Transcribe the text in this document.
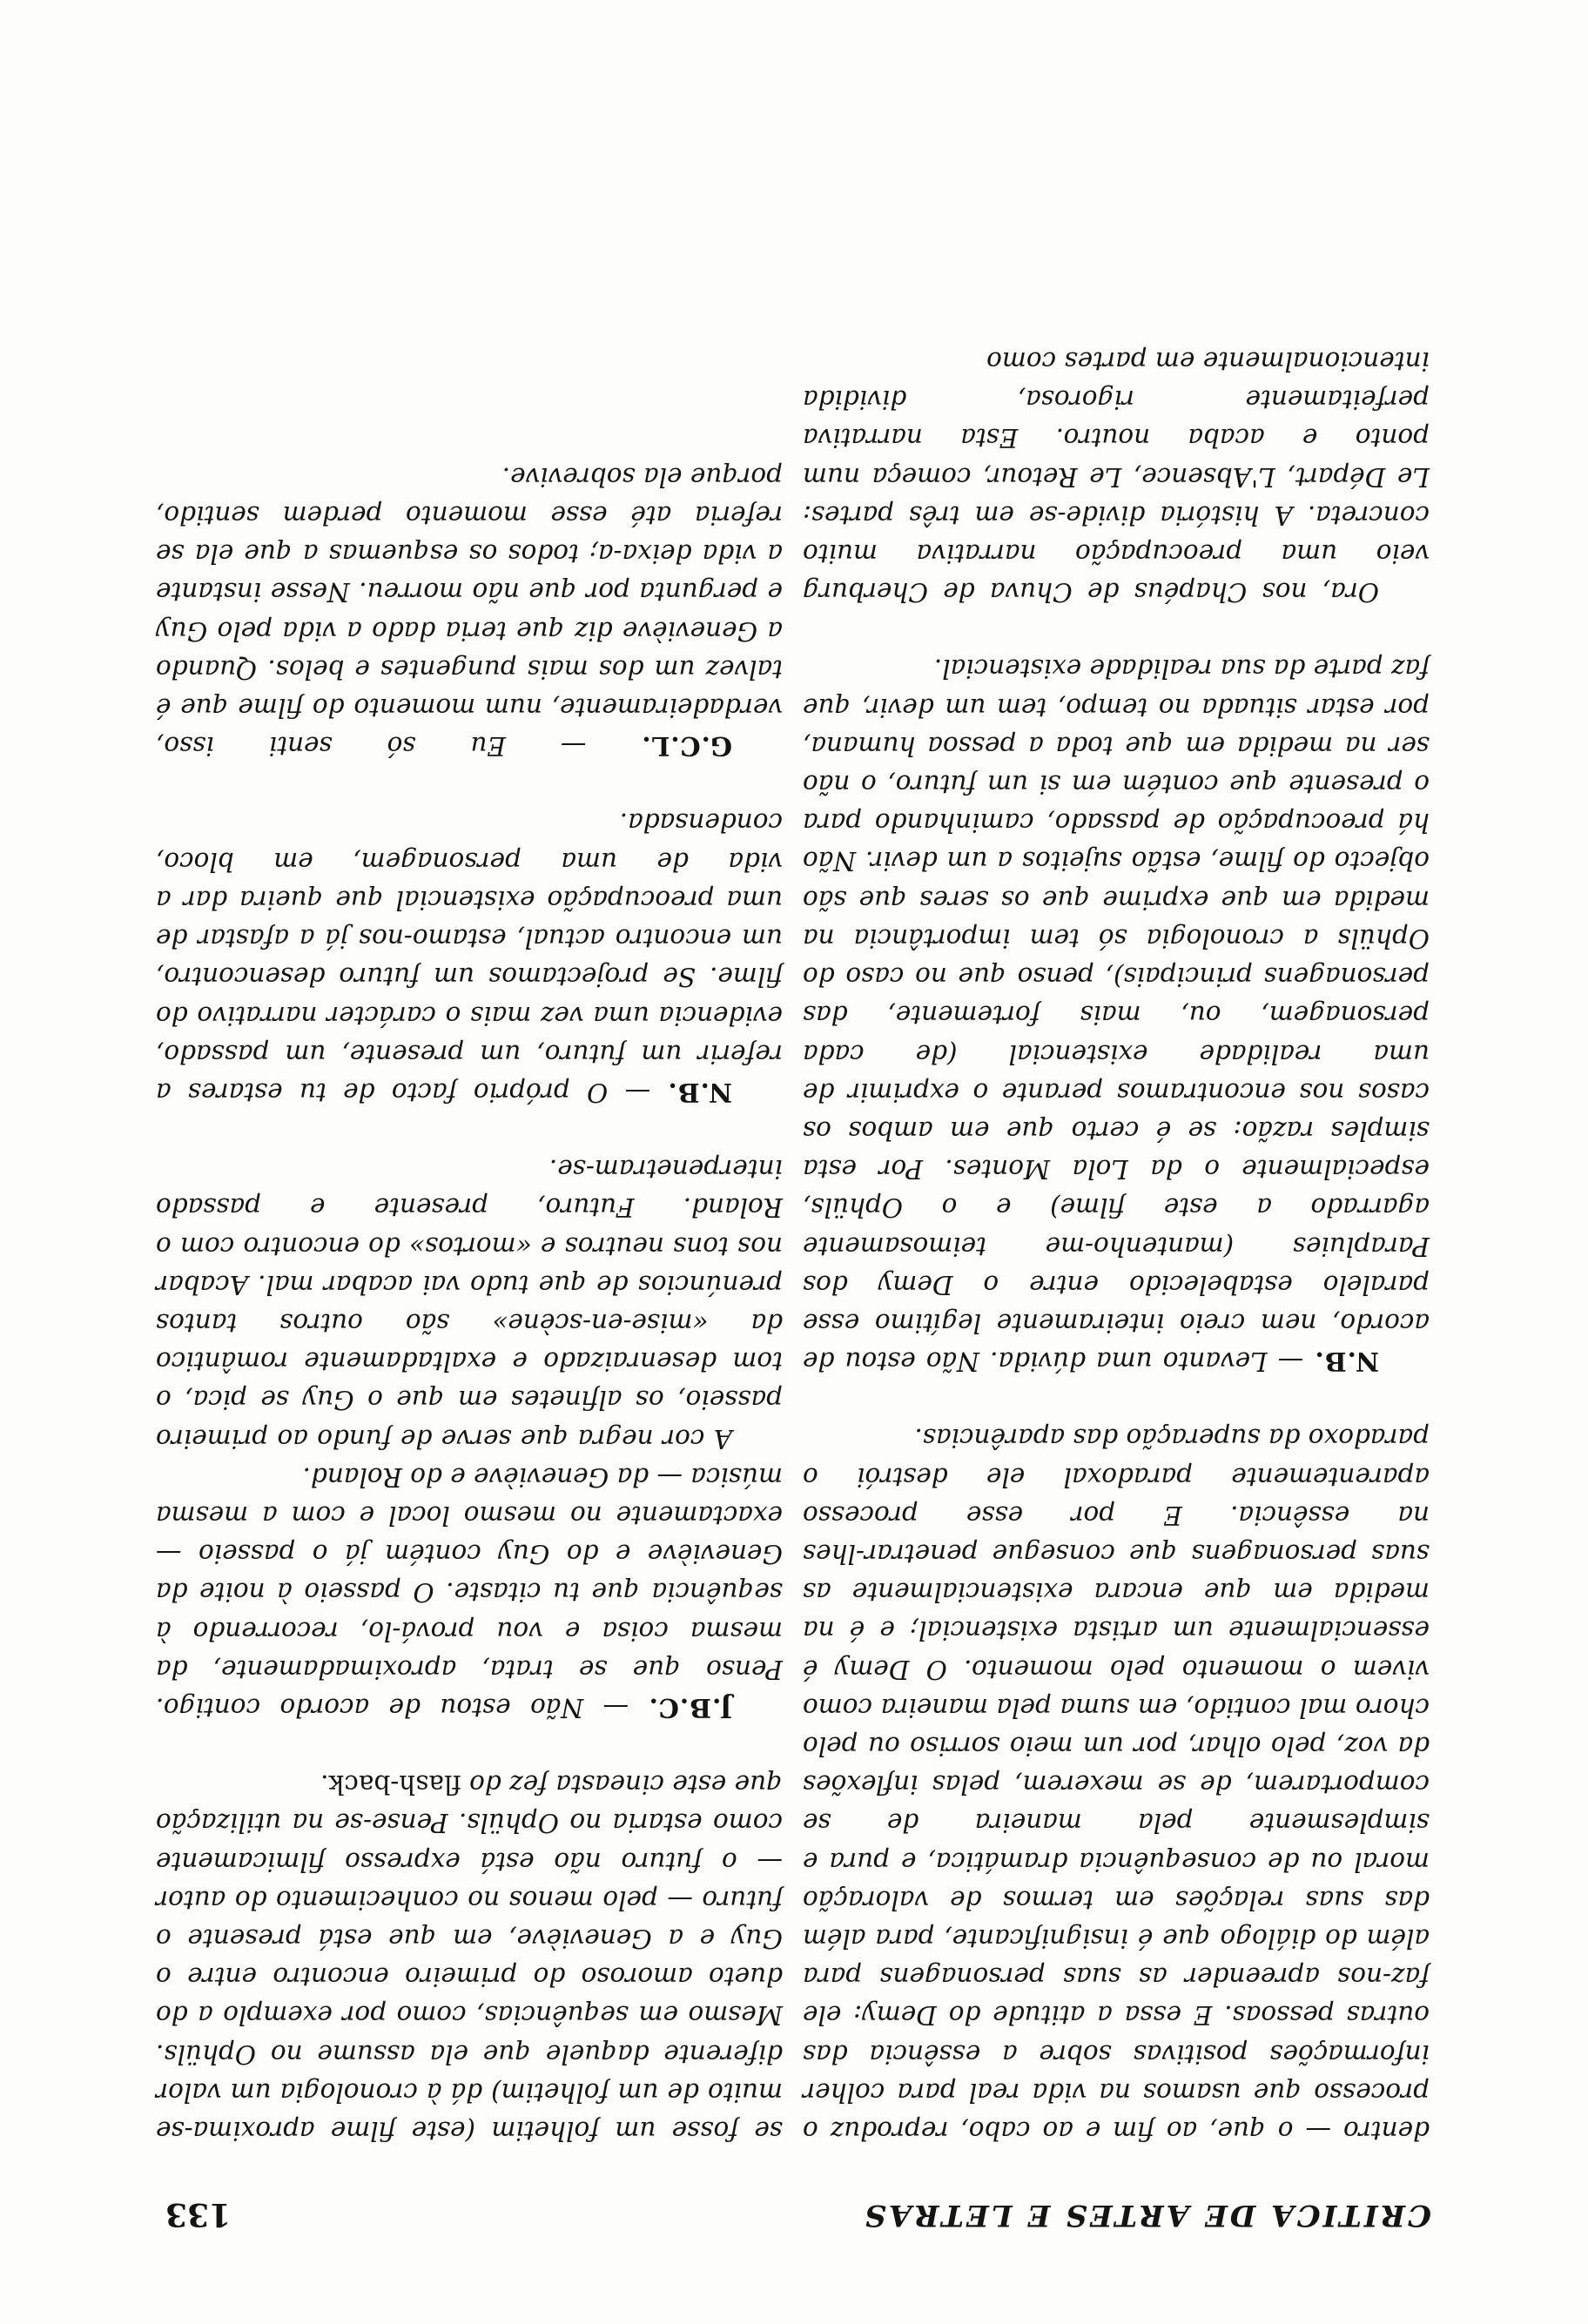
CRITICA DE ARTES E LETRAS
133

dentro — o que, ao fim e ao cabo, reproduz o processo que usamos na vida real para colher informações positivas sobre a essência das outras pessoas. E essa a atitude do Demy: ele faz-nos apreender as suas personagens para além do diálogo que é insignificante, para além das suas relações em termos de valoração moral ou de consequência dramática, e pura e simplesmente pela maneira de se comportarem, de se mexerem, pelas inflexões da voz, pelo olhar, por um meio sorriso ou pelo choro mal contido, em suma pela maneira como vivem o momento pelo momento. O Demy é essencialmente um artista existencial; e é na medida em que encara existencialmente as suas personagens que consegue penetrar-lhes na essência. E por esse processo aparentemente paradoxal ele destrói o paradoxo da superação das aparências.

N.B. — Levanto uma dúvida. Não estou de acordo, nem creio inteiramente legítimo esse paralelo estabelecido entre o Demy dos Parapluies (mantenho-me teimosamente agarrado a este filme) e o Ophüls, especialmente o da Lola Montes. Por esta simples razão: se é certo que em ambos os casos nos encontramos perante o exprimir de uma realidade existencial (de cada personagem, ou, mais fortemente, das personagens principais), penso que no caso do Ophüls a cronologia só tem importância na medida em que exprime que os seres que são objecto do filme, estão sujeitos a um devir. Não há preocupação de passado, caminhando para o presente que contém em si um futuro, o não ser na medida em que toda a pessoa humana, por estar situada no tempo, tem um devir, que faz parte da sua realidade existencial.

Ora, nos Chapéus de Chuva de Cherburg veio uma preocupação narrativa muito concreta. A história divide-se em três partes: Le Départ, L'Absence, Le Retour, começa num ponto e acaba noutro. Esta narrativa perfeitamente rigorosa, dividida intencionalmente em partes como

se fosse um folhetim (este filme aproxima-se muito de um folhetim) dá à cronologia um valor diferente daquele que ela assume no Ophüls. Mesmo em sequências, como por exemplo a do dueto amoroso do primeiro encontro entre o Guy e a Geneviève, em que está presente o futuro — pelo menos no conhecimento do autor — o futuro não está expresso filmicamente como estaria no Ophüls. Pense-se na utilização que este cineasta fez do flash-back.

J.B.C. — Não estou de acordo contigo. Penso que se trata, aproximadamente, da mesma coisa e vou prová-lo, recorrendo à sequência que tu citaste. O passeio à noite da Geneviève e do Guy contém já o passeio — exactamente no mesmo local e com a mesma música — da Geneviève e do Roland.

A cor negra que serve de fundo ao primeiro passeio, os alfinetes em que o Guy se pica, o tom desenraizado e exaltadamente romântico da «mise-en-scène» são outros tantos prenúncios de que tudo vai acabar mal. Acabar nos tons neutros e «mortos» do encontro com o Roland. Futuro, presente e passado interpenetram-se.

N.B. — O próprio facto de tu estares a referir um futuro, um presente, um passado, evidencia uma vez mais o carácter narrativo do filme. Se projectamos um futuro desencontro, um encontro actual, estamo-nos já a afastar de uma preocupação existencial que queira dar a vida de uma personagem, em bloco, condensada.

G.C.L. — Eu só senti isso, verdadeiramente, num momento do filme que é talvez um dos mais pungentes e belos. Quando a Geneviève diz que teria dado a vida pelo Guy e pergunta por que não morreu. Nesse instante a vida deixa-a; todos os esquemas a que ela se referia até esse momento perdem sentido, porque ela sobrevive.
